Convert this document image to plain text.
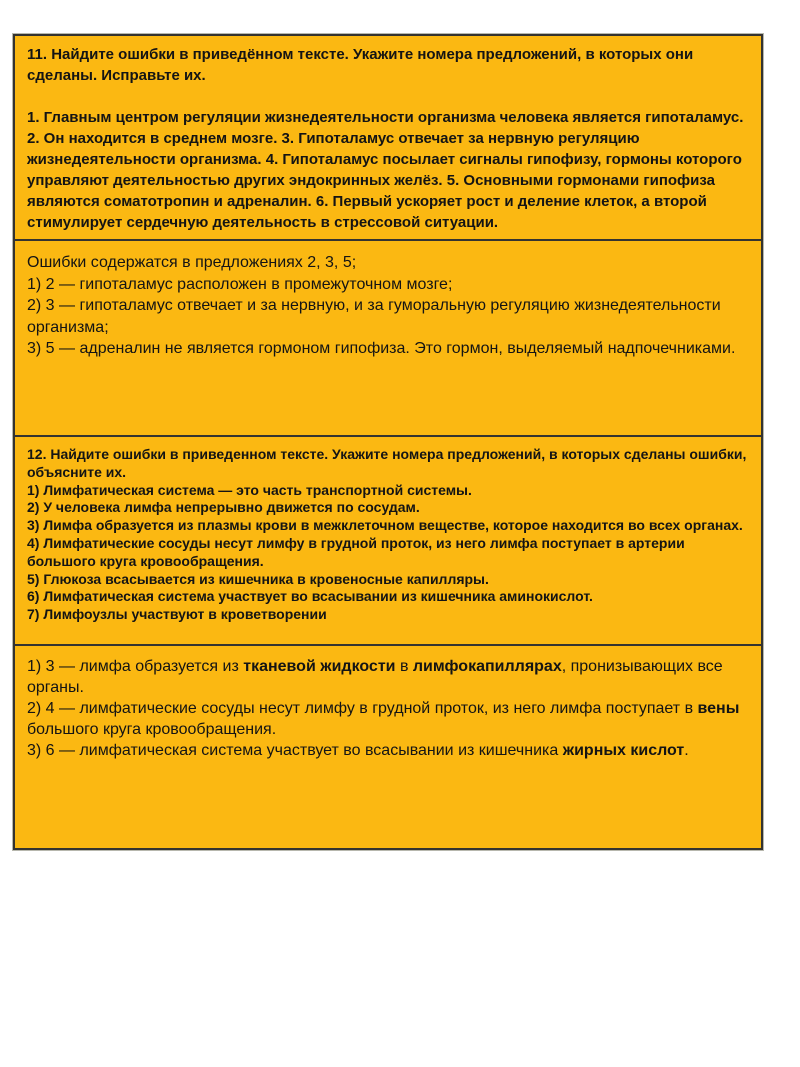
11. Найдите ошибки в приведённом тексте. Укажите номера предложений, в которых они сделаны. Исправьте их.

1. Главным центром регуляции жизнедеятельности организма человека является гипоталамус. 2. Он находится в среднем мозге. 3. Гипоталамус отвечает за нервную регуляцию жизнедеятельности организма. 4. Гипоталамус посылает сигналы гипофизу, гормоны которого управляют деятельностью других эндокринных желёз. 5. Основными гормонами гипофиза являются соматотропин и адреналин. 6. Первый ускоряет рост и деление клеток, а второй стимулирует сердечную деятельность в стрессовой ситуации.

Ошибки содержатся в предложениях 2, 3, 5;
1) 2 — гипоталамус расположен в промежуточном мозге;
2) 3 — гипоталамус отвечает и за нервную, и за гуморальную регуляцию жизнедеятельности организма;
3) 5 — адреналин не является гормоном гипофиза. Это гормон, выделяемый надпочечниками.
12. Найдите ошибки в приведенном тексте. Укажите номера предложений, в которых сделаны ошибки, объясните их.
1) Лимфатическая система — это часть транспортной системы.
2) У человека лимфа непрерывно движется по сосудам.
3) Лимфа образуется из плазмы крови в межклеточном веществе, которое находится во всех органах.
4) Лимфатические сосуды несут лимфу в грудной проток, из него лимфа поступает в артерии большого круга кровообращения.
5) Глюкоза всасывается из кишечника в кровеносные капилляры.
6) Лимфатическая система участвует во всасывании из кишечника аминокислот.
7) Лимфоузлы участвуют в кроветворении
1) 3 — лимфа образуется из тканевой жидкости в лимфокапиллярах, пронизывающих все органы.
2) 4 — лимфатические сосуды несут лимфу в грудной проток, из него лимфа поступает в вены большого круга кровообращения.
3) 6 — лимфатическая система участвует во всасывании из кишечника жирных кислот.
